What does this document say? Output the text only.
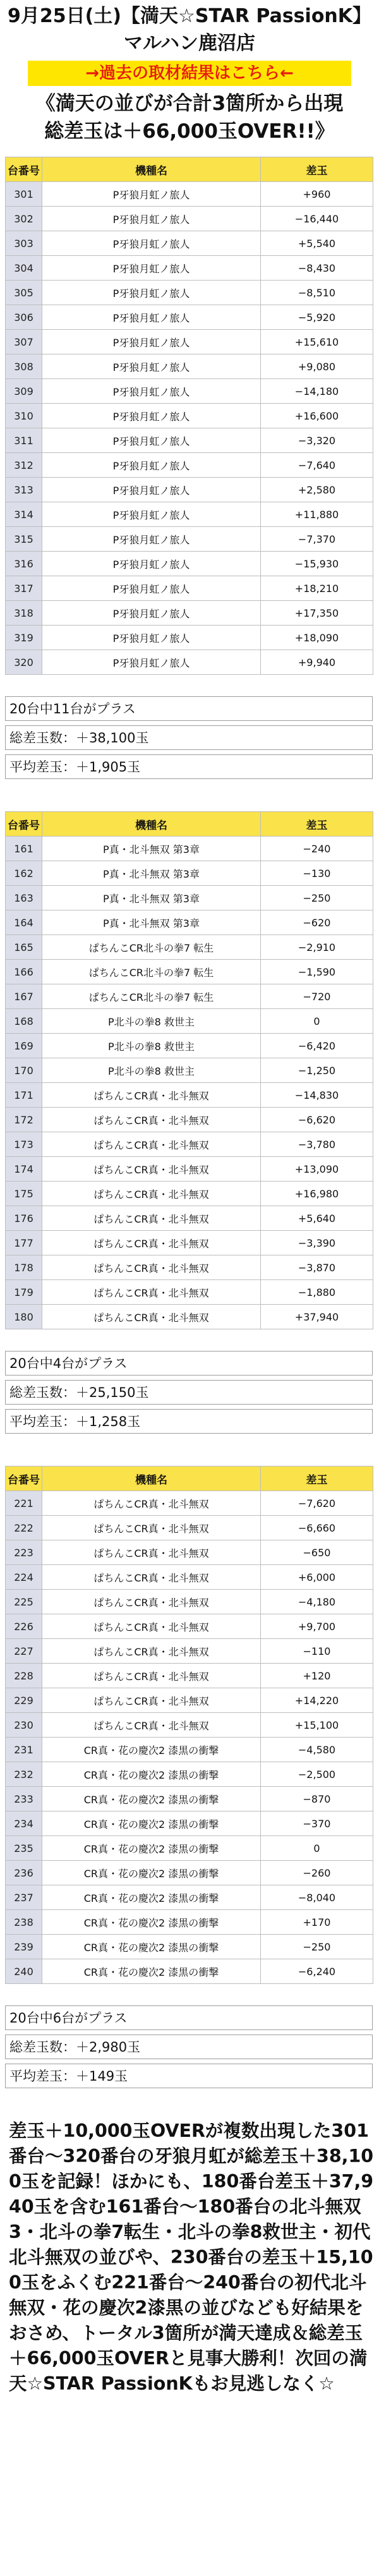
9月25日(土)【満天☆STAR PassionK】
マルハン鹿沼店
→過去の取材結果はこちら←
《満天の並びが合計3箇所から出現
総差玉は＋66,000玉OVER!!》
台番号	機種名	差玉
301	P牙狼月虹ノ旅人	+960
302	P牙狼月虹ノ旅人	−16,440
303	P牙狼月虹ノ旅人	+5,540
304	P牙狼月虹ノ旅人	−8,430
305	P牙狼月虹ノ旅人	−8,510
306	P牙狼月虹ノ旅人	−5,920
307	P牙狼月虹ノ旅人	+15,610
308	P牙狼月虹ノ旅人	+9,080
309	P牙狼月虹ノ旅人	−14,180
310	P牙狼月虹ノ旅人	+16,600
311	P牙狼月虹ノ旅人	−3,320
312	P牙狼月虹ノ旅人	−7,640
313	P牙狼月虹ノ旅人	+2,580
314	P牙狼月虹ノ旅人	+11,880
315	P牙狼月虹ノ旅人	−7,370
316	P牙狼月虹ノ旅人	−15,930
317	P牙狼月虹ノ旅人	+18,210
318	P牙狼月虹ノ旅人	+17,350
319	P牙狼月虹ノ旅人	+18,090
320	P牙狼月虹ノ旅人	+9,940
20台中11台がプラス
総差玉数：＋38,100玉
平均差玉：＋1,905玉
台番号	機種名	差玉
161	P真・北斗無双 第3章	−240
162	P真・北斗無双 第3章	−130
163	P真・北斗無双 第3章	−250
164	P真・北斗無双 第3章	−620
165	ぱちんこCR北斗の拳7 転生	−2,910
166	ぱちんこCR北斗の拳7 転生	−1,590
167	ぱちんこCR北斗の拳7 転生	−720
168	P北斗の拳8 救世主	0
169	P北斗の拳8 救世主	−6,420
170	P北斗の拳8 救世主	−1,250
171	ぱちんこCR真・北斗無双	−14,830
172	ぱちんこCR真・北斗無双	−6,620
173	ぱちんこCR真・北斗無双	−3,780
174	ぱちんこCR真・北斗無双	+13,090
175	ぱちんこCR真・北斗無双	+16,980
176	ぱちんこCR真・北斗無双	+5,640
177	ぱちんこCR真・北斗無双	−3,390
178	ぱちんこCR真・北斗無双	−3,870
179	ぱちんこCR真・北斗無双	−1,880
180	ぱちんこCR真・北斗無双	+37,940
20台中4台がプラス
総差玉数：＋25,150玉
平均差玉：＋1,258玉
台番号	機種名	差玉
221	ぱちんこCR真・北斗無双	−7,620
222	ぱちんこCR真・北斗無双	−6,660
223	ぱちんこCR真・北斗無双	−650
224	ぱちんこCR真・北斗無双	+6,000
225	ぱちんこCR真・北斗無双	−4,180
226	ぱちんこCR真・北斗無双	+9,700
227	ぱちんこCR真・北斗無双	−110
228	ぱちんこCR真・北斗無双	+120
229	ぱちんこCR真・北斗無双	+14,220
230	ぱちんこCR真・北斗無双	+15,100
231	CR真・花の慶次2 漆黒の衝撃	−4,580
232	CR真・花の慶次2 漆黒の衝撃	−2,500
233	CR真・花の慶次2 漆黒の衝撃	−870
234	CR真・花の慶次2 漆黒の衝撃	−370
235	CR真・花の慶次2 漆黒の衝撃	0
236	CR真・花の慶次2 漆黒の衝撃	−260
237	CR真・花の慶次2 漆黒の衝撃	−8,040
238	CR真・花の慶次2 漆黒の衝撃	+170
239	CR真・花の慶次2 漆黒の衝撃	−250
240	CR真・花の慶次2 漆黒の衝撃	−6,240
20台中6台がプラス
総差玉数：＋2,980玉
平均差玉：＋149玉
差玉＋10,000玉OVERが複数出現した301番台〜320番台の牙狼月虹が総差玉＋38,100玉を記録！ほかにも、180番台差玉＋37,940玉を含む161番台〜180番台の北斗無双3・北斗の拳7転生・北斗の拳8救世主・初代北斗無双の並びや、230番台の差玉＋15,100玉をふくむ221番台〜240番台の初代北斗無双・花の慶次2漆黒の並びなども好結果をおさめ、トータル3箇所が満天達成＆総差玉＋66,000玉OVERと見事大勝利！次回の満天☆STAR PassionKもお見逃しなく☆
